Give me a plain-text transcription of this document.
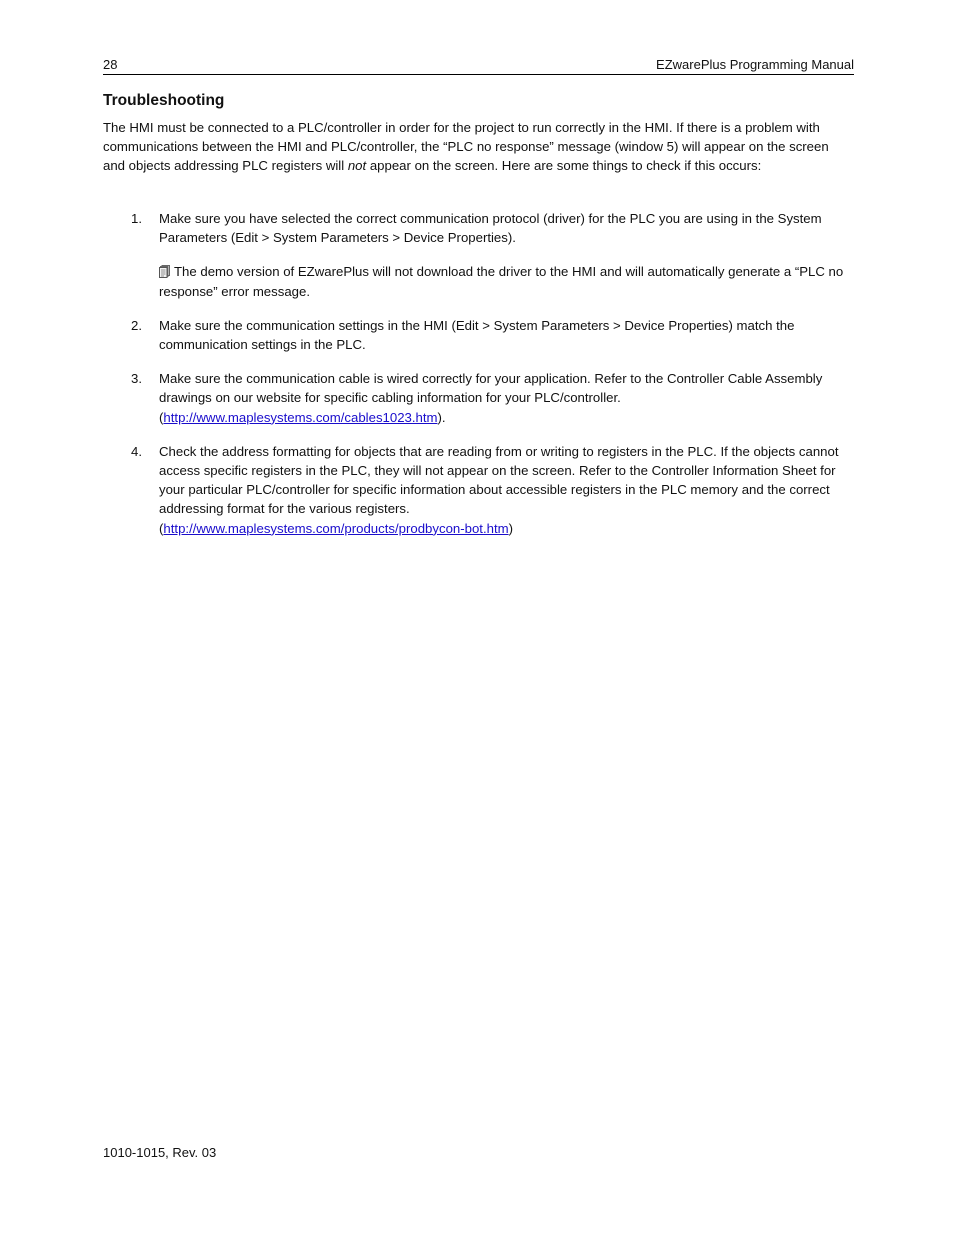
28	EZwarePlus Programming Manual
Troubleshooting

The HMI must be connected to a PLC/controller in order for the project to run correctly in the HMI. If there is a problem with communications between the HMI and PLC/controller, the “PLC no response” message (window 5) will appear on the screen and objects addressing PLC registers will not appear on the screen. Here are some things to check if this occurs:

1. Make sure you have selected the correct communication protocol (driver) for the PLC you are using in the System Parameters (Edit > System Parameters > Device Properties).

The demo version of EZwarePlus will not download the driver to the HMI and will automatically generate a “PLC no response” error message.

2. Make sure the communication settings in the HMI (Edit > System Parameters > Device Properties) match the communication settings in the PLC.

3. Make sure the communication cable is wired correctly for your application. Refer to the Controller Cable Assembly drawings on our website for specific cabling information for your PLC/controller.
(http://www.maplesystems.com/cables1023.htm).

4. Check the address formatting for objects that are reading from or writing to registers in the PLC. If the objects cannot access specific registers in the PLC, they will not appear on the screen. Refer to the Controller Information Sheet for your particular PLC/controller for specific information about accessible registers in the PLC memory and the correct addressing format for the various registers.
(http://www.maplesystems.com/products/prodbycon-bot.htm)

1010-1015, Rev. 03
